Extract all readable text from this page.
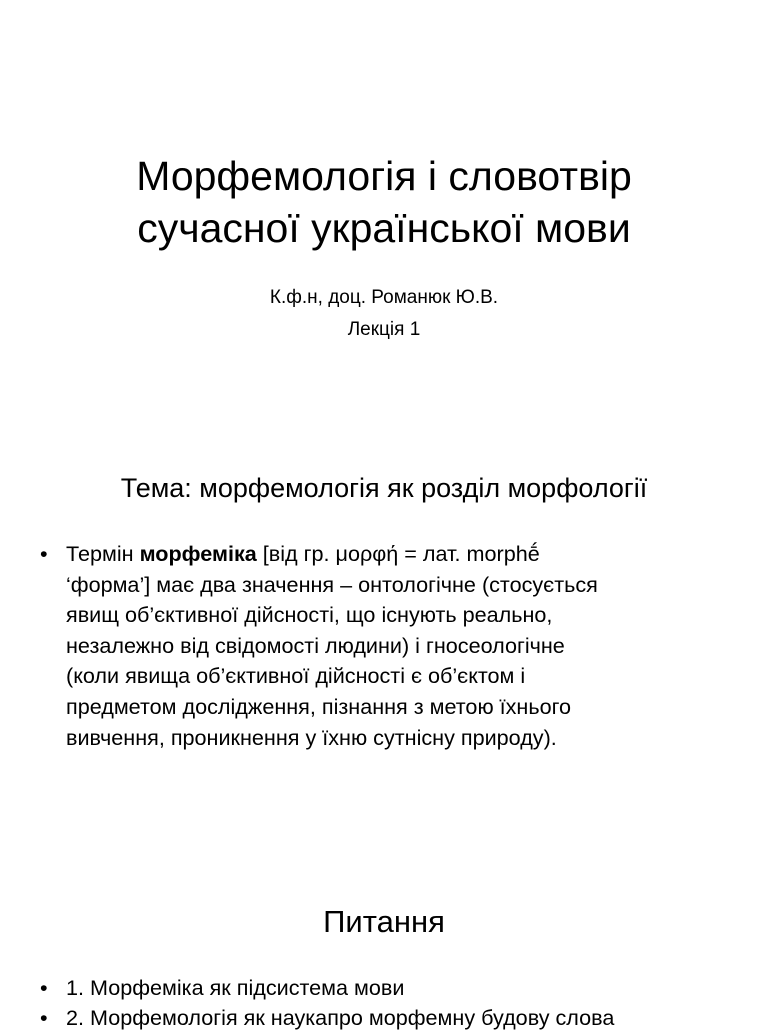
Морфемологія і словотвір
сучасної української мови

К.ф.н, доц. Романюк Ю.В.

Лекція 1

Тема: морфемологія як розділ морфології
• Термін морфеміка [від гр. μορφή = лат. morphḗ
‘форма’] має два значення – онтологічне (стосується
явищ об’єктивної дійсності, що існують реально,
незалежно від свідомості людини) і гносеологічне
(коли явища об’єктивної дійсності є об’єктом і
предметом дослідження, пізнання з метою їхнього
вивчення, проникнення у їхню сутнісну природу).
Питання
• 1. Морфеміка як підсистема мови
• 2. Морфемологія як наукапро морфемну будову слова
